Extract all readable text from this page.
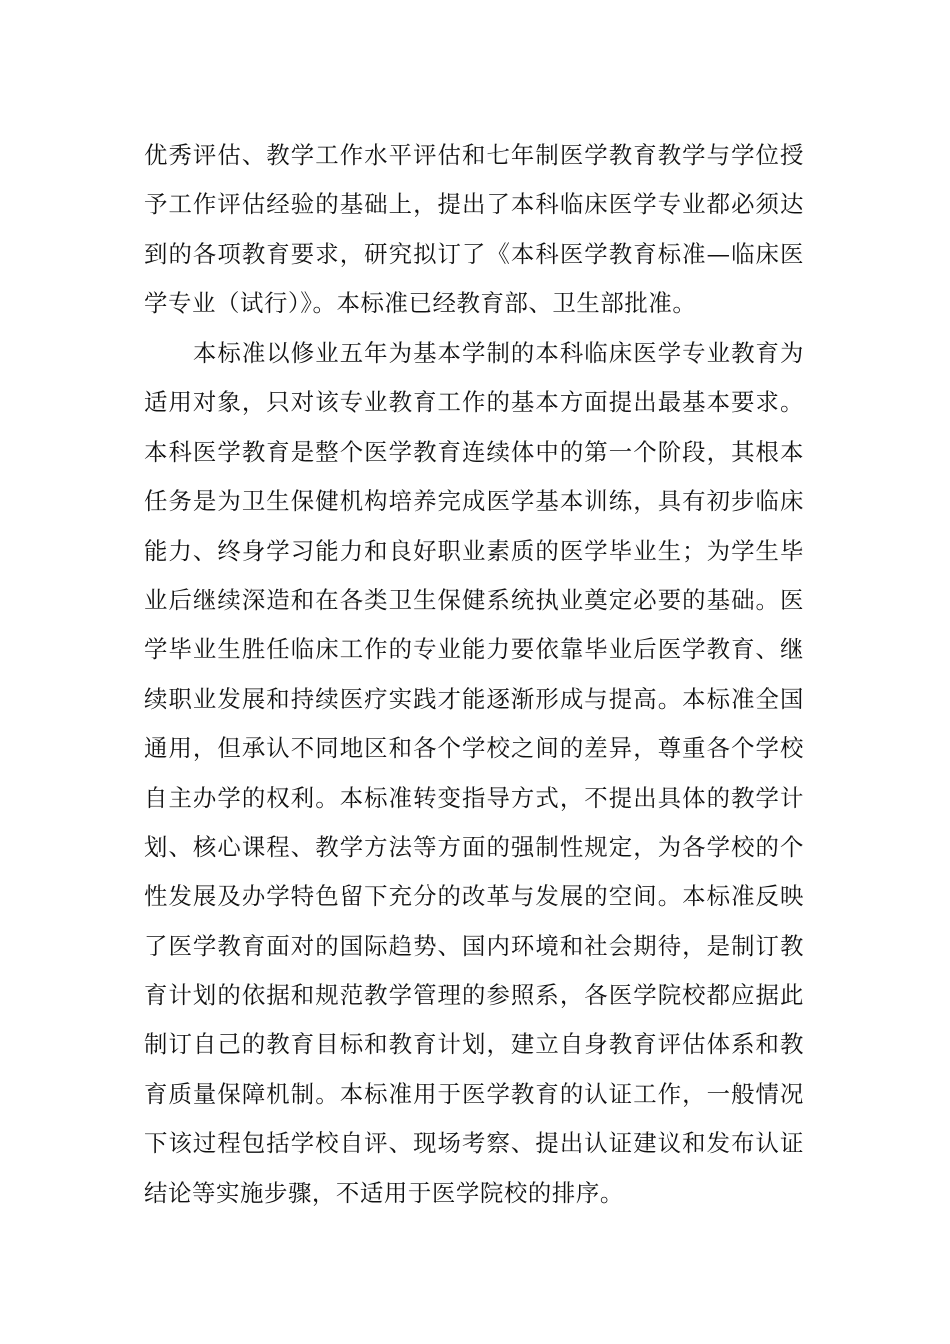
优秀评估、教学工作水平评估和七年制医学教育教学与学位授

予工作评估经验的基础上，提出了本科临床医学专业都必须达

到的各项教育要求，研究拟订了《本科医学教育标准—临床医

学专业（试行）》。本标准已经教育部、卫生部批准。

　　本标准以修业五年为基本学制的本科临床医学专业教育为

适用对象，只对该专业教育工作的基本方面提出最基本要求。

本科医学教育是整个医学教育连续体中的第一个阶段，其根本

任务是为卫生保健机构培养完成医学基本训练，具有初步临床

能力、终身学习能力和良好职业素质的医学毕业生；为学生毕

业后继续深造和在各类卫生保健系统执业奠定必要的基础。医

学毕业生胜任临床工作的专业能力要依靠毕业后医学教育、继

续职业发展和持续医疗实践才能逐渐形成与提高。本标准全国

通用，但承认不同地区和各个学校之间的差异，尊重各个学校

自主办学的权利。本标准转变指导方式，不提出具体的教学计

划、核心课程、教学方法等方面的强制性规定，为各学校的个

性发展及办学特色留下充分的改革与发展的空间。本标准反映

了医学教育面对的国际趋势、国内环境和社会期待，是制订教

育计划的依据和规范教学管理的参照系，各医学院校都应据此

制订自己的教育目标和教育计划，建立自身教育评估体系和教

育质量保障机制。本标准用于医学教育的认证工作，一般情况

下该过程包括学校自评、现场考察、提出认证建议和发布认证

结论等实施步骤，不适用于医学院校的排序。
